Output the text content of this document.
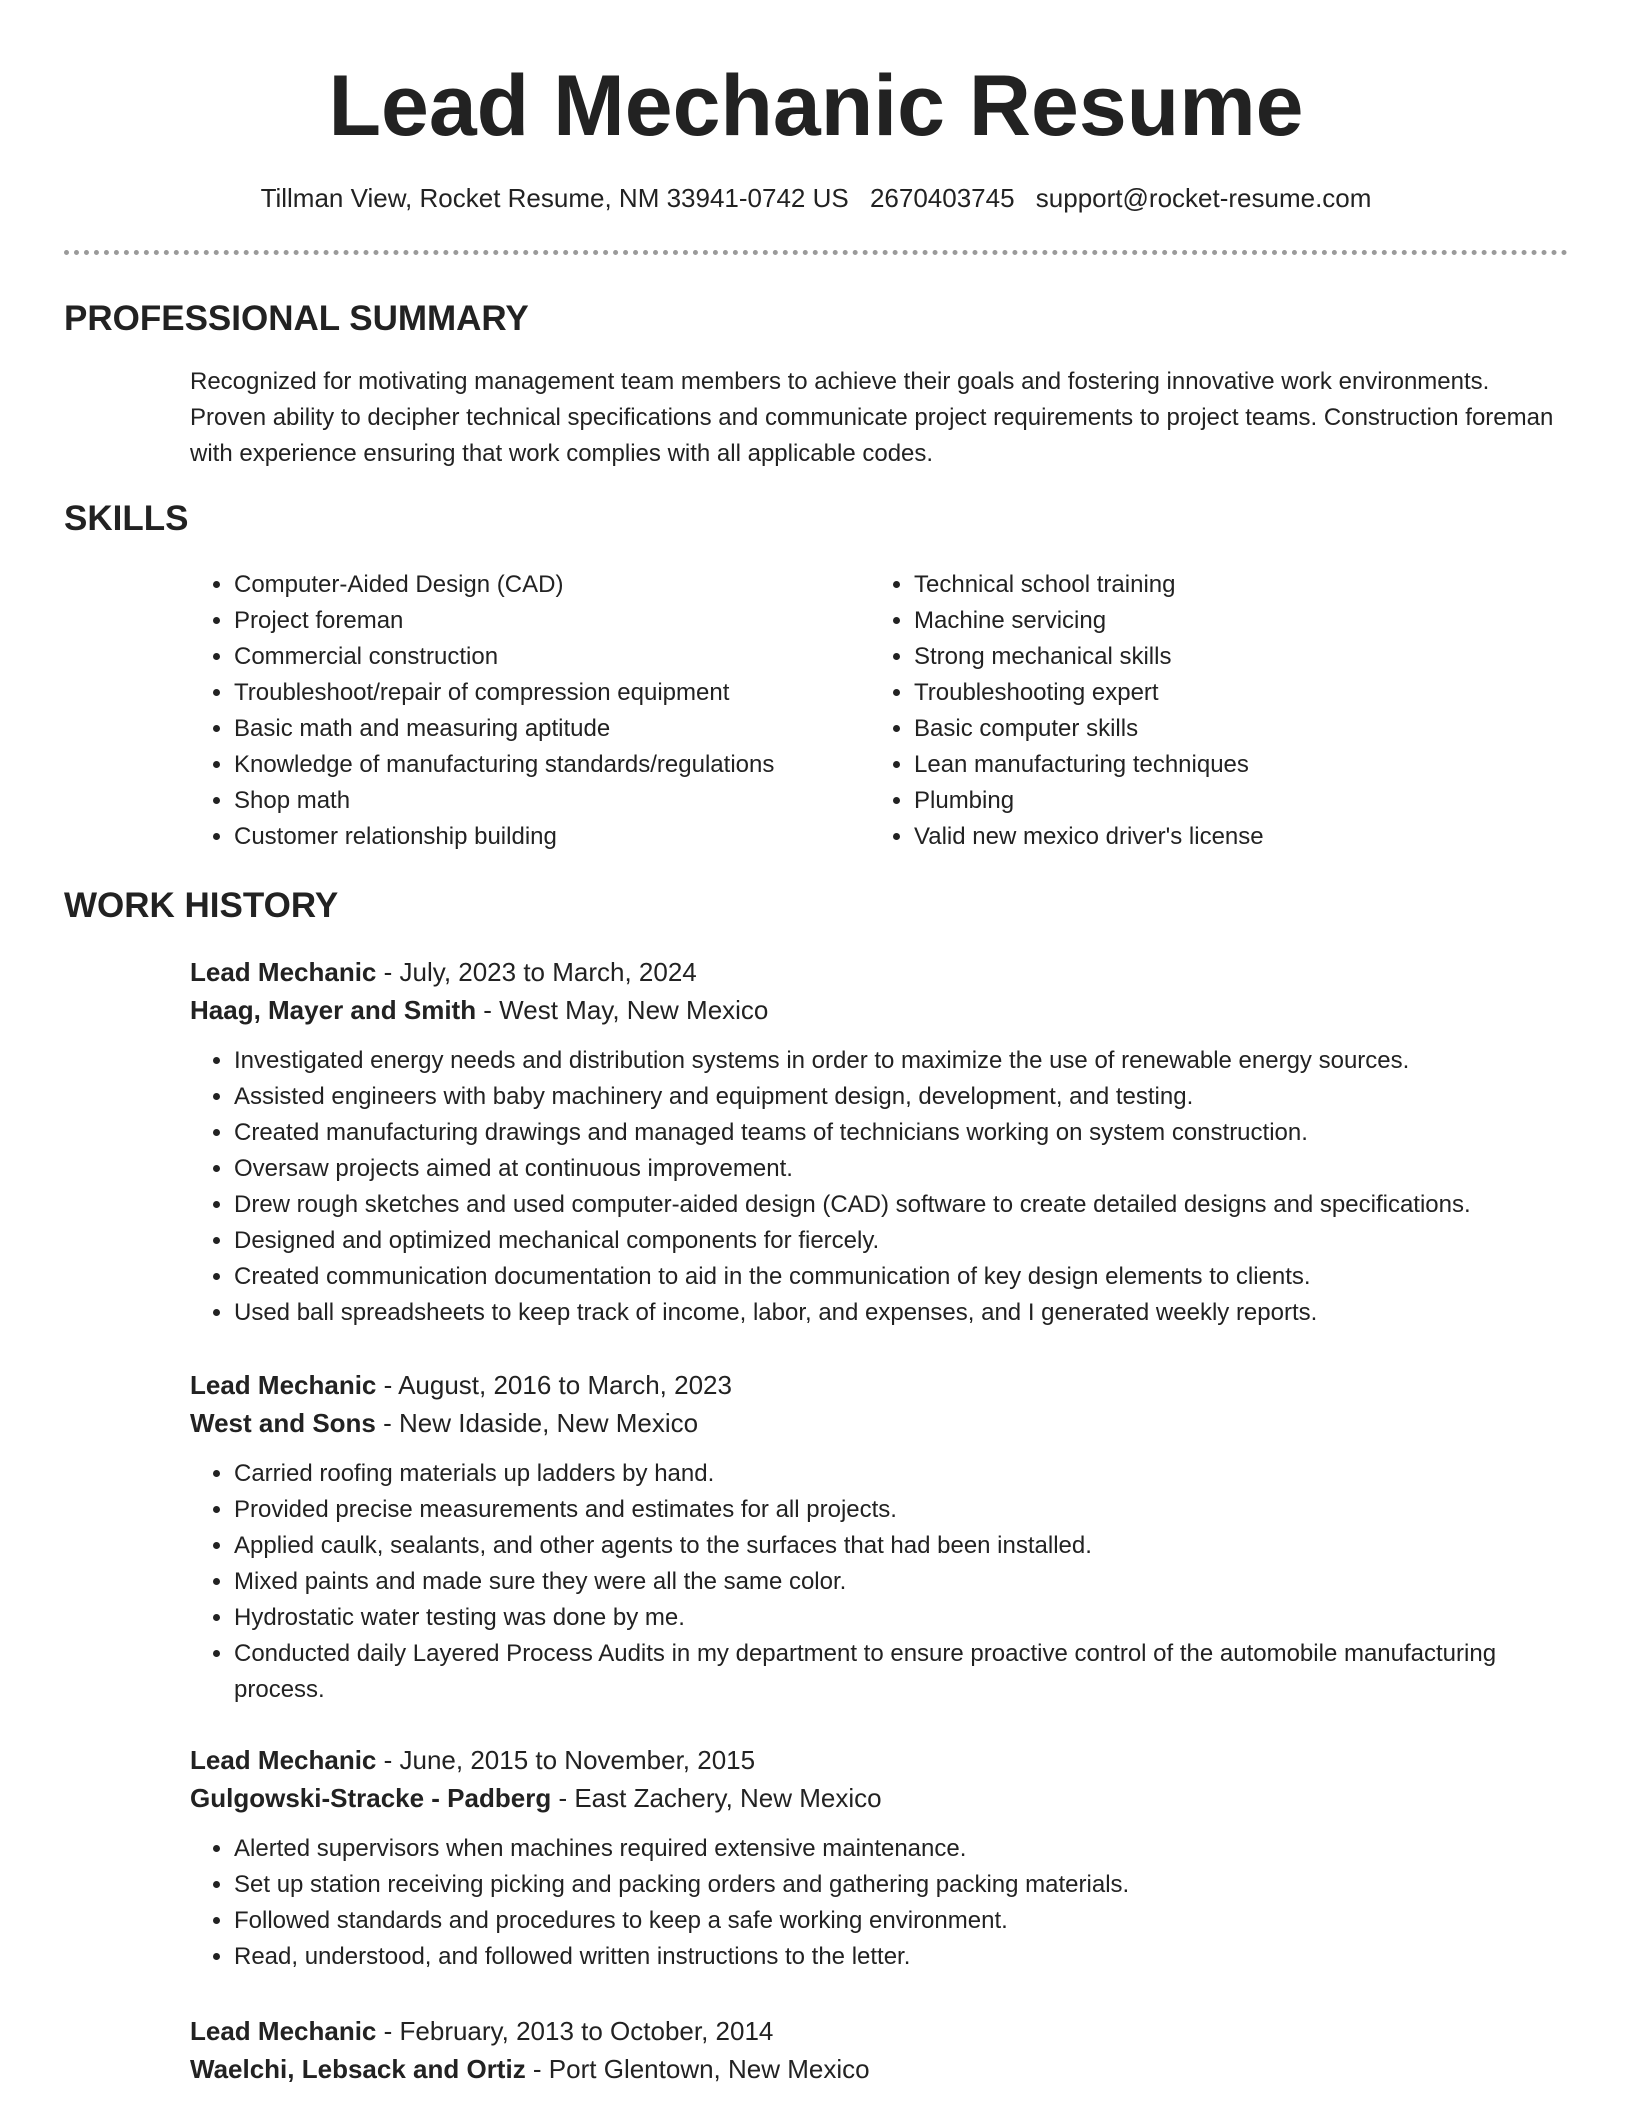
Lead Mechanic Resume
Tillman View, Rocket Resume, NM 33941-0742 US 2670403745 support@rocket-resume.com
PROFESSIONAL SUMMARY

Recognized for motivating management team members to achieve their goals and fostering innovative work environments. Proven ability to decipher technical specifications and communicate project requirements to project teams. Construction foreman with experience ensuring that work complies with all applicable codes.

SKILLS
• Computer-Aided Design (CAD)
• Project foreman
• Commercial construction
• Troubleshoot/repair of compression equipment
• Basic math and measuring aptitude
• Knowledge of manufacturing standards/regulations
• Shop math
• Customer relationship building
• Technical school training
• Machine servicing
• Strong mechanical skills
• Troubleshooting expert
• Basic computer skills
• Lean manufacturing techniques
• Plumbing
• Valid new mexico driver's license
WORK HISTORY

Lead Mechanic - July, 2023 to March, 2024

Haag, Mayer and Smith - West May, New Mexico

• Investigated energy needs and distribution systems in order to maximize the use of renewable energy sources.
• Assisted engineers with baby machinery and equipment design, development, and testing.
• Created manufacturing drawings and managed teams of technicians working on system construction.
• Oversaw projects aimed at continuous improvement.
• Drew rough sketches and used computer-aided design (CAD) software to create detailed designs and specifications.
• Designed and optimized mechanical components for fiercely.
• Created communication documentation to aid in the communication of key design elements to clients.
• Used ball spreadsheets to keep track of income, labor, and expenses, and I generated weekly reports.

Lead Mechanic - August, 2016 to March, 2023

West and Sons - New Idaside, New Mexico

• Carried roofing materials up ladders by hand.
• Provided precise measurements and estimates for all projects.
• Applied caulk, sealants, and other agents to the surfaces that had been installed.
• Mixed paints and made sure they were all the same color.
• Hydrostatic water testing was done by me.
• Conducted daily Layered Process Audits in my department to ensure proactive control of the automobile manufacturing process.

Lead Mechanic - June, 2015 to November, 2015

Gulgowski-Stracke - Padberg - East Zachery, New Mexico

• Alerted supervisors when machines required extensive maintenance.
• Set up station receiving picking and packing orders and gathering packing materials.
• Followed standards and procedures to keep a safe working environment.
• Read, understood, and followed written instructions to the letter.

Lead Mechanic - February, 2013 to October, 2014

Waelchi, Lebsack and Ortiz - Port Glentown, New Mexico
